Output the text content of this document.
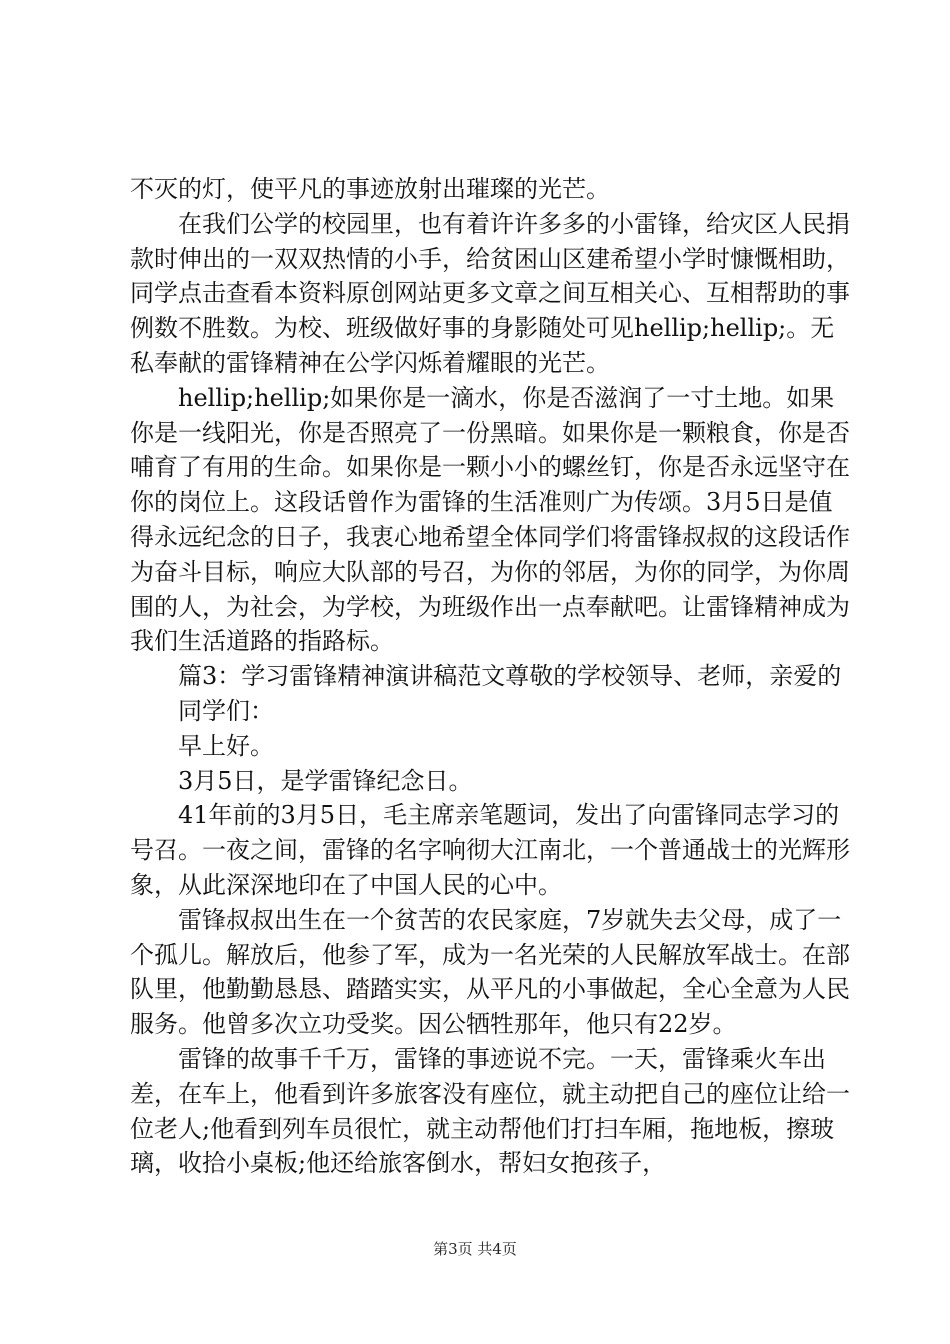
不灭的灯，使平凡的事迹放射出璀璨的光芒。

在我们公学的校园里，也有着许许多多的小雷锋，给灾区人民捐款时伸出的一双双热情的小手，给贫困山区建希望小学时慷慨相助，同学点击查看本资料原创网站更多文章之间互相关心、互相帮助的事例数不胜数。为校、班级做好事的身影随处可见hellip;hellip;。无私奉献的雷锋精神在公学闪烁着耀眼的光芒。

hellip;hellip;如果你是一滴水，你是否滋润了一寸土地。如果你是一线阳光，你是否照亮了一份黑暗。如果你是一颗粮食，你是否哺育了有用的生命。如果你是一颗小小的螺丝钉，你是否永远坚守在你的岗位上。这段话曾作为雷锋的生活准则广为传颂。3月5日是值得永远纪念的日子，我衷心地希望全体同学们将雷锋叔叔的这段话作为奋斗目标，响应大队部的号召，为你的邻居，为你的同学，为你周围的人，为社会，为学校，为班级作出一点奉献吧。让雷锋精神成为我们生活道路的指路标。

篇3：学习雷锋精神演讲稿范文尊敬的学校领导、老师，亲爱的

同学们：

早上好。

3月5日，是学雷锋纪念日。

41年前的3月5日，毛主席亲笔题词，发出了向雷锋同志学习的号召。一夜之间，雷锋的名字响彻大江南北，一个普通战士的光辉形象，从此深深地印在了中国人民的心中。

雷锋叔叔出生在一个贫苦的农民家庭，7岁就失去父母，成了一个孤儿。解放后，他参了军，成为一名光荣的人民解放军战士。在部队里，他勤勤恳恳、踏踏实实，从平凡的小事做起，全心全意为人民服务。他曾多次立功受奖。因公牺牲那年，他只有22岁。

雷锋的故事千千万，雷锋的事迹说不完。一天，雷锋乘火车出差，在车上，他看到许多旅客没有座位，就主动把自己的座位让给一位老人;他看到列车员很忙，就主动帮他们打扫车厢，拖地板，擦玻璃，收拾小桌板;他还给旅客倒水，帮妇女抱孩子，

第3页 共4页
